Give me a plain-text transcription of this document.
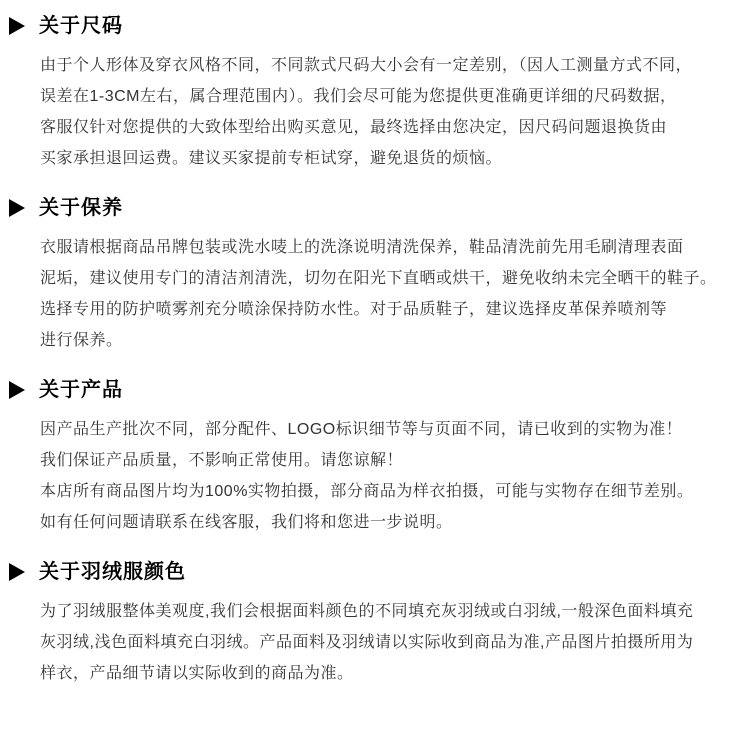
关于尺码

由于个人形体及穿衣风格不同，不同款式尺码大小会有一定差别，（因人工测量方式不同，

误差在1-3CM左右，属合理范围内）。我们会尽可能为您提供更准确更详细的尺码数据，

客服仅针对您提供的大致体型给出购买意见，最终选择由您决定，因尺码问题退换货由

买家承担退回运费。建议买家提前专柜试穿，避免退货的烦恼。

关于保养

衣服请根据商品吊牌包装或洗水唛上的洗涤说明清洗保养，鞋品清洗前先用毛刷清理表面

泥垢，建议使用专门的清洁剂清洗，切勿在阳光下直晒或烘干，避免收纳未完全晒干的鞋子。

选择专用的防护喷雾剂充分喷涂保持防水性。对于品质鞋子，建议选择皮革保养喷剂等

进行保养。

关于产品

因产品生产批次不同，部分配件、LOGO标识细节等与页面不同，请已收到的实物为准！

我们保证产品质量，不影响正常使用。请您谅解！

本店所有商品图片均为100%实物拍摄，部分商品为样衣拍摄，可能与实物存在细节差别。

如有任何问题请联系在线客服，我们将和您进一步说明。

关于羽绒服颜色

为了羽绒服整体美观度,我们会根据面料颜色的不同填充灰羽绒或白羽绒,一般深色面料填充

灰羽绒,浅色面料填充白羽绒。产品面料及羽绒请以实际收到商品为准,产品图片拍摄所用为

样衣，产品细节请以实际收到的商品为准。
